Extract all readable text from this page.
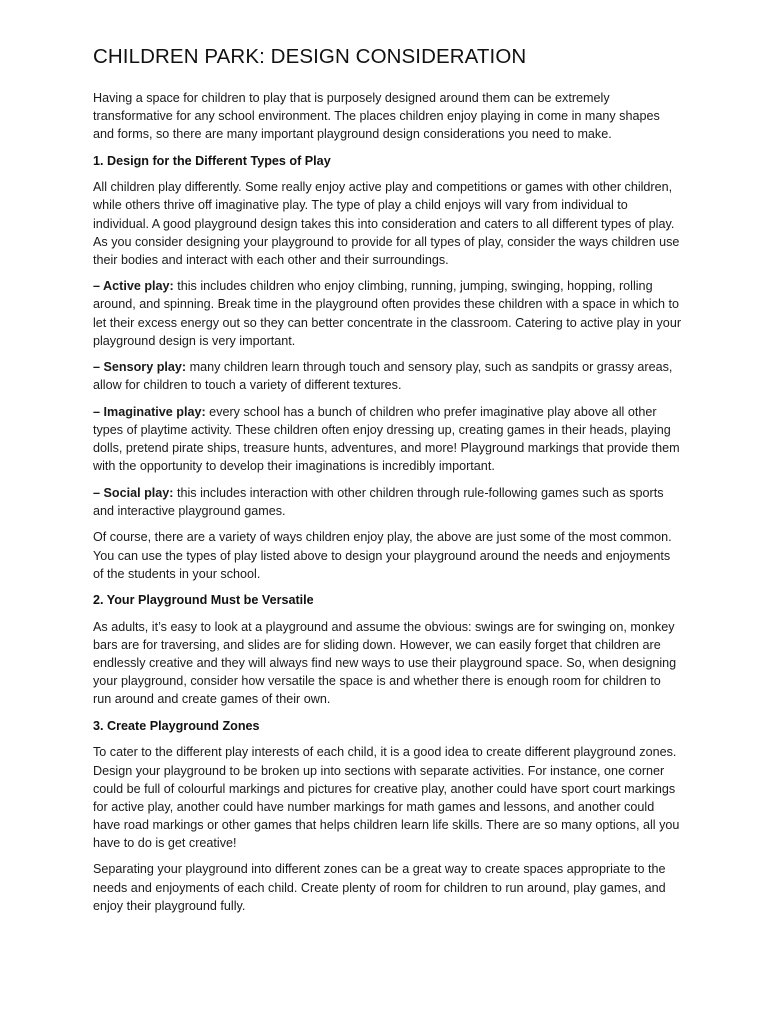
CHILDREN PARK: DESIGN CONSIDERATION

Having a space for children to play that is purposely designed around them can be extremely transformative for any school environment. The places children enjoy playing in come in many shapes and forms, so there are many important playground design considerations you need to make.

1. Design for the Different Types of Play

All children play differently. Some really enjoy active play and competitions or games with other children, while others thrive off imaginative play. The type of play a child enjoys will vary from individual to individual. A good playground design takes this into consideration and caters to all different types of play. As you consider designing your playground to provide for all types of play, consider the ways children use their bodies and interact with each other and their surroundings.

– Active play: this includes children who enjoy climbing, running, jumping, swinging, hopping, rolling around, and spinning. Break time in the playground often provides these children with a space in which to let their excess energy out so they can better concentrate in the classroom. Catering to active play in your playground design is very important.

– Sensory play: many children learn through touch and sensory play, such as sandpits or grassy areas, allow for children to touch a variety of different textures.

– Imaginative play: every school has a bunch of children who prefer imaginative play above all other types of playtime activity. These children often enjoy dressing up, creating games in their heads, playing dolls, pretend pirate ships, treasure hunts, adventures, and more! Playground markings that provide them with the opportunity to develop their imaginations is incredibly important.

– Social play: this includes interaction with other children through rule-following games such as sports and interactive playground games.

Of course, there are a variety of ways children enjoy play, the above are just some of the most common. You can use the types of play listed above to design your playground around the needs and enjoyments of the students in your school.

2. Your Playground Must be Versatile

As adults, it’s easy to look at a playground and assume the obvious: swings are for swinging on, monkey bars are for traversing, and slides are for sliding down. However, we can easily forget that children are endlessly creative and they will always find new ways to use their playground space. So, when designing your playground, consider how versatile the space is and whether there is enough room for children to run around and create games of their own.

3. Create Playground Zones

To cater to the different play interests of each child, it is a good idea to create different playground zones. Design your playground to be broken up into sections with separate activities. For instance, one corner could be full of colourful markings and pictures for creative play, another could have sport court markings for active play, another could have number markings for math games and lessons, and another could have road markings or other games that helps children learn life skills. There are so many options, all you have to do is get creative!

Separating your playground into different zones can be a great way to create spaces appropriate to the needs and enjoyments of each child. Create plenty of room for children to run around, play games, and enjoy their playground fully.
